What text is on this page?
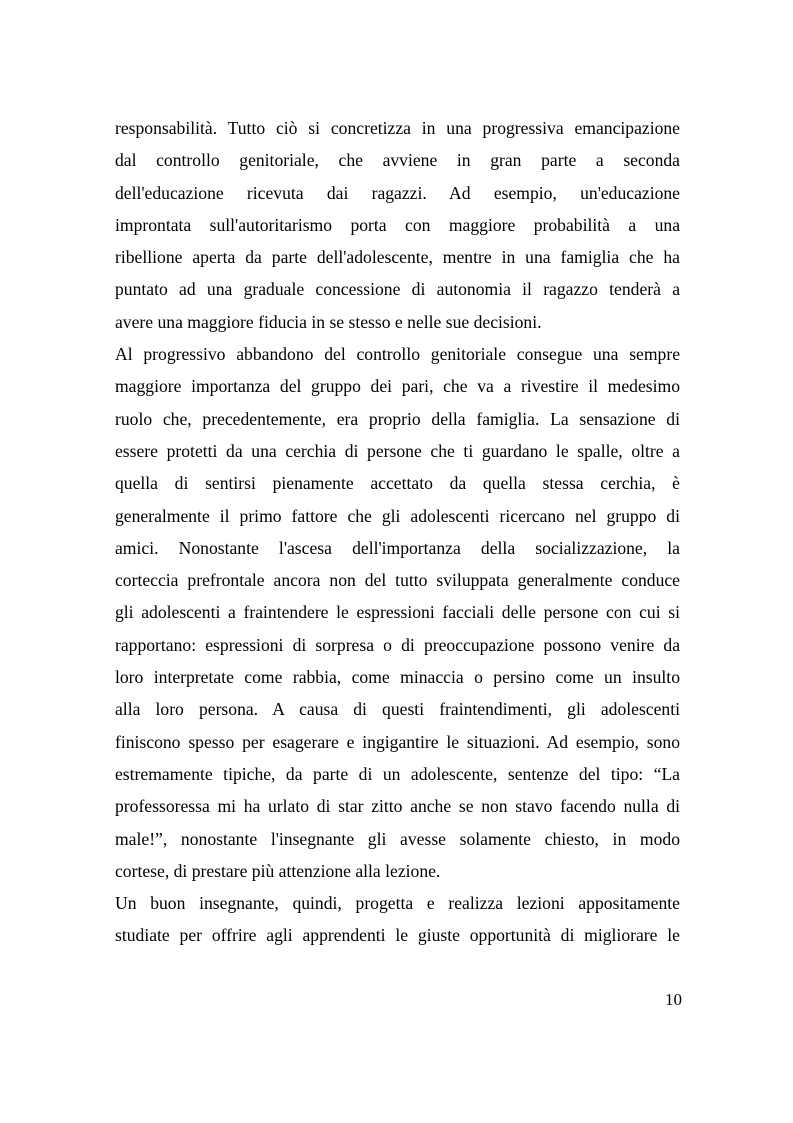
responsabilità. Tutto ciò si concretizza in una progressiva emancipazione
dal controllo genitoriale, che avviene in gran parte a seconda
dell'educazione ricevuta dai ragazzi. Ad esempio, un'educazione
improntata sull'autoritarismo porta con maggiore probabilità a una
ribellione aperta da parte dell'adolescente, mentre in una famiglia che ha
puntato ad una graduale concessione di autonomia il ragazzo tenderà a
avere una maggiore fiducia in se stesso e nelle sue decisioni.
Al progressivo abbandono del controllo genitoriale consegue una sempre
maggiore importanza del gruppo dei pari, che va a rivestire il medesimo
ruolo che, precedentemente, era proprio della famiglia. La sensazione di
essere protetti da una cerchia di persone che ti guardano le spalle, oltre a
quella di sentirsi pienamente accettato da quella stessa cerchia, è
generalmente il primo fattore che gli adolescenti ricercano nel gruppo di
amici. Nonostante l'ascesa dell'importanza della socializzazione, la
corteccia prefrontale ancora non del tutto sviluppata generalmente conduce
gli adolescenti a fraintendere le espressioni facciali delle persone con cui si
rapportano: espressioni di sorpresa o di preoccupazione possono venire da
loro interpretate come rabbia, come minaccia o persino come un insulto
alla loro persona. A causa di questi fraintendimenti, gli adolescenti
finiscono spesso per esagerare e ingigantire le situazioni. Ad esempio, sono
estremamente tipiche, da parte di un adolescente, sentenze del tipo: “La
professoressa mi ha urlato di star zitto anche se non stavo facendo nulla di
male!”, nonostante l'insegnante gli avesse solamente chiesto, in modo
cortese, di prestare più attenzione alla lezione.
Un buon insegnante, quindi, progetta e realizza lezioni appositamente
studiate per offrire agli apprendenti le giuste opportunità di migliorare le
10
